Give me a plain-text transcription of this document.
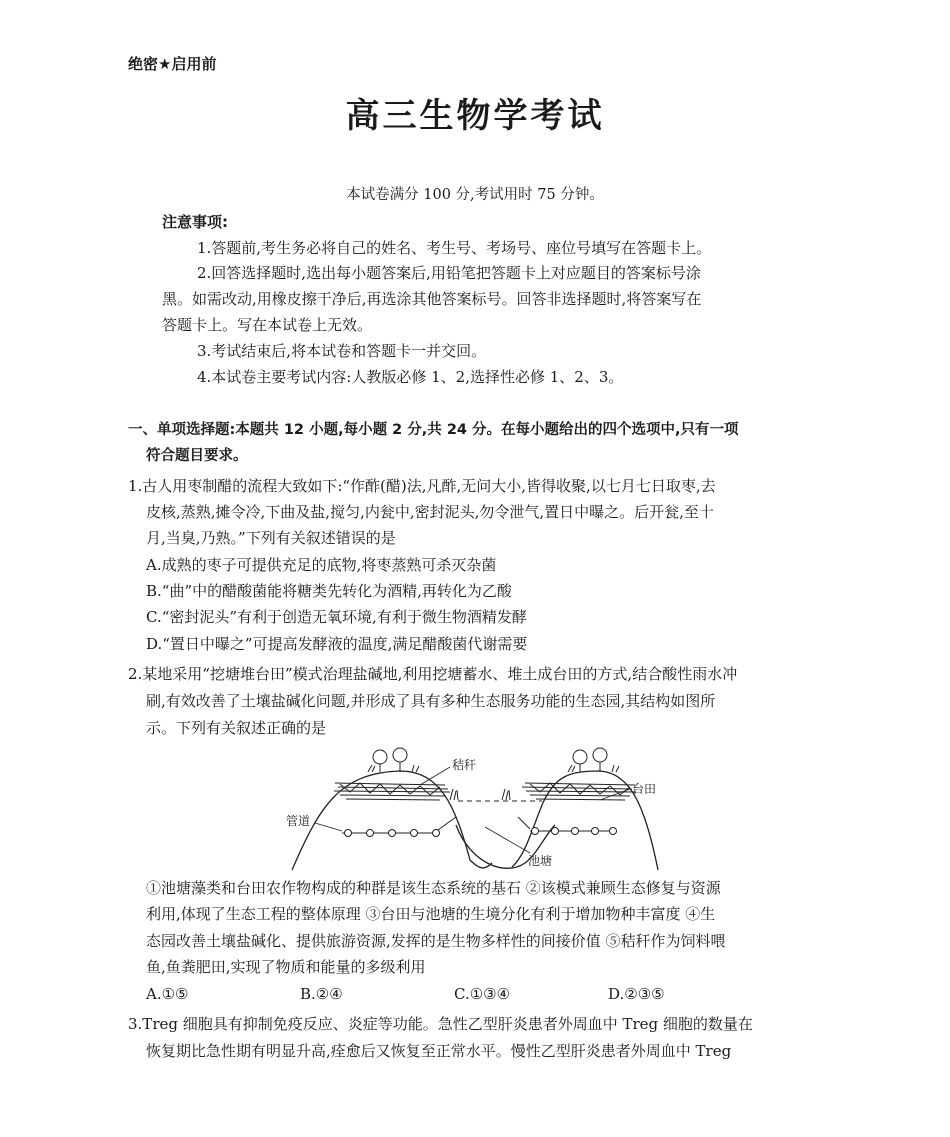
绝密★启用前
高三生物学考试
本试卷满分 100 分,考试用时 75 分钟。
注意事项:
1.答题前,考生务必将自己的姓名、考生号、考场号、座位号填写在答题卡上。
2.回答选择题时,选出每小题答案后,用铅笔把答题卡上对应题目的答案标号涂
黑。如需改动,用橡皮擦干净后,再选涂其他答案标号。回答非选择题时,将答案写在
答题卡上。写在本试卷上无效。
3.考试结束后,将本试卷和答题卡一并交回。
4.本试卷主要考试内容:人教版必修 1、2,选择性必修 1、2、3。
一、单项选择题:本题共 12 小题,每小题 2 分,共 24 分。在每小题给出的四个选项中,只有一项
符合题目要求。
1.古人用枣制醋的流程大致如下:“作酢(醋)法,凡酢,无问大小,皆得收聚,以七月七日取枣,去
皮核,蒸熟,摊令冷,下曲及盐,搅匀,内瓮中,密封泥头,勿令泄气,置日中曝之。后开瓮,至十
月,当臭,乃熟。”下列有关叙述错误的是
A.成熟的枣子可提供充足的底物,将枣蒸熟可杀灭杂菌
B.“曲”中的醋酸菌能将糖类先转化为酒精,再转化为乙酸
C.“密封泥头”有利于创造无氧环境,有利于微生物酒精发酵
D.“置日中曝之”可提高发酵液的温度,满足醋酸菌代谢需要
2.某地采用“挖塘堆台田”模式治理盐碱地,利用挖塘蓄水、堆土成台田的方式,结合酸性雨水冲
刷,有效改善了土壤盐碱化问题,并形成了具有多种生态服务功能的生态园,其结构如图所
示。下列有关叙述正确的是
秸秆
台田
管道
池塘
①池塘藻类和台田农作物构成的种群是该生态系统的基石 ②该模式兼顾生态修复与资源
利用,体现了生态工程的整体原理 ③台田与池塘的生境分化有利于增加物种丰富度 ④生
态园改善土壤盐碱化、提供旅游资源,发挥的是生物多样性的间接价值 ⑤秸秆作为饲料喂
鱼,鱼粪肥田,实现了物质和能量的多级利用
A.①⑤	B.②④	C.①③④	D.②③⑤
3.Treg 细胞具有抑制免疫反应、炎症等功能。急性乙型肝炎患者外周血中 Treg 细胞的数量在
恢复期比急性期有明显升高,痊愈后又恢复至正常水平。慢性乙型肝炎患者外周血中 Treg
